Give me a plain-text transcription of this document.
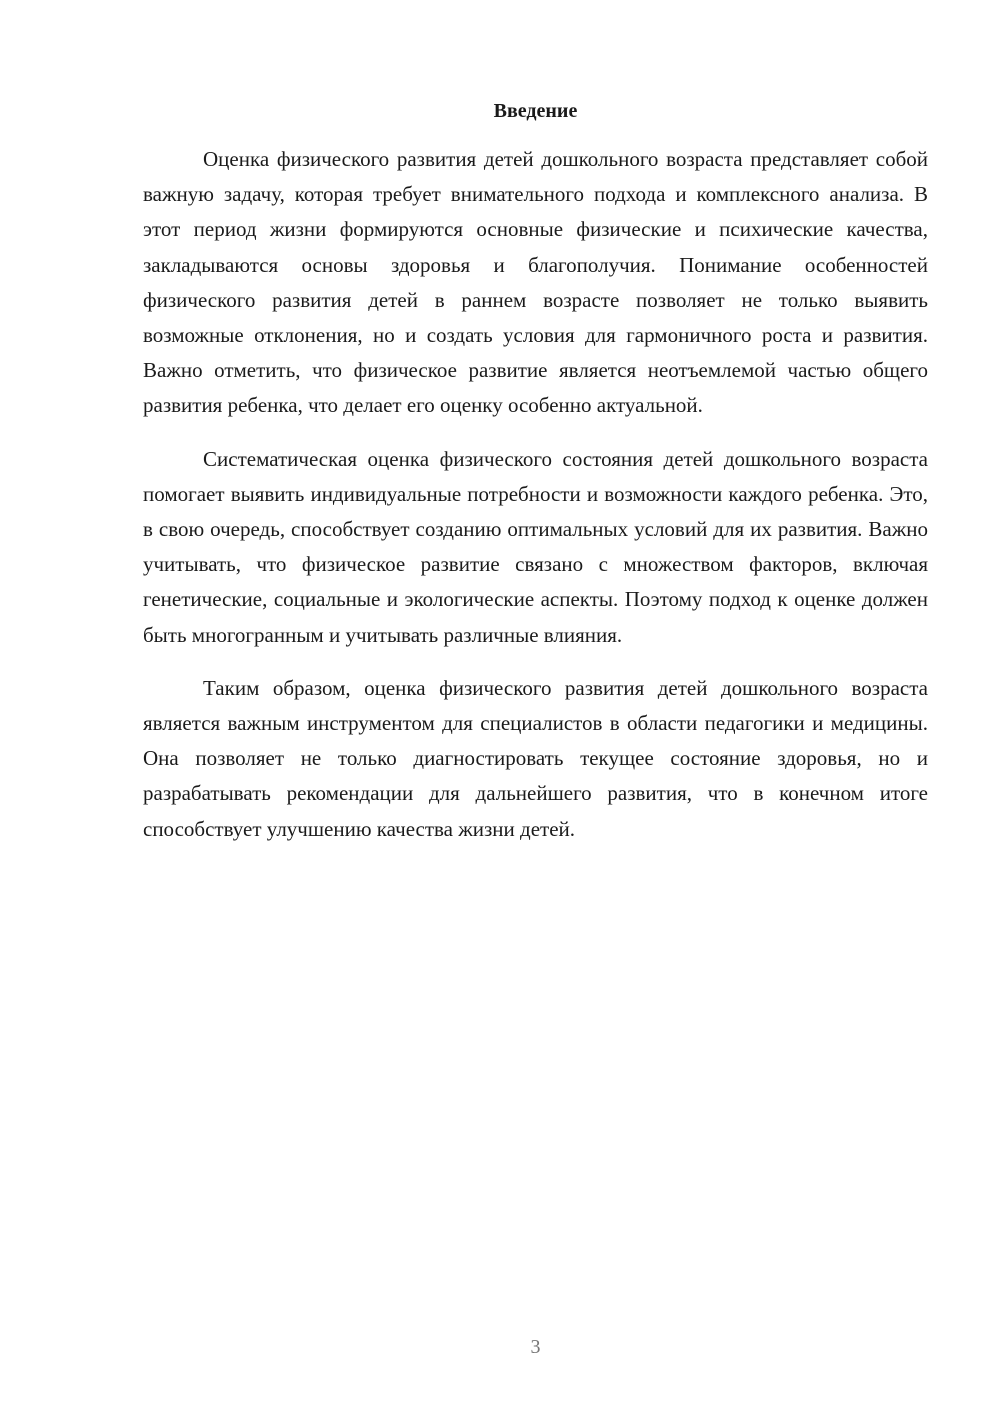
Введение

Оценка физического развития детей дошкольного возраста представляет собой важную задачу, которая требует внимательного подхода и комплексного анализа. В этот период жизни формируются основные физические и психические качества, закладываются основы здоровья и благополучия. Понимание особенностей физического развития детей в раннем возрасте позволяет не только выявить возможные отклонения, но и создать условия для гармоничного роста и развития. Важно отметить, что физическое развитие является неотъемлемой частью общего развития ребенка, что делает его оценку особенно актуальной.

Систематическая оценка физического состояния детей дошкольного возраста помогает выявить индивидуальные потребности и возможности каждого ребенка. Это, в свою очередь, способствует созданию оптимальных условий для их развития. Важно учитывать, что физическое развитие связано с множеством факторов, включая генетические, социальные и экологические аспекты. Поэтому подход к оценке должен быть многогранным и учитывать различные влияния.

Таким образом, оценка физического развития детей дошкольного возраста является важным инструментом для специалистов в области педагогики и медицины. Она позволяет не только диагностировать текущее состояние здоровья, но и разрабатывать рекомендации для дальнейшего развития, что в конечном итоге способствует улучшению качества жизни детей.

3
